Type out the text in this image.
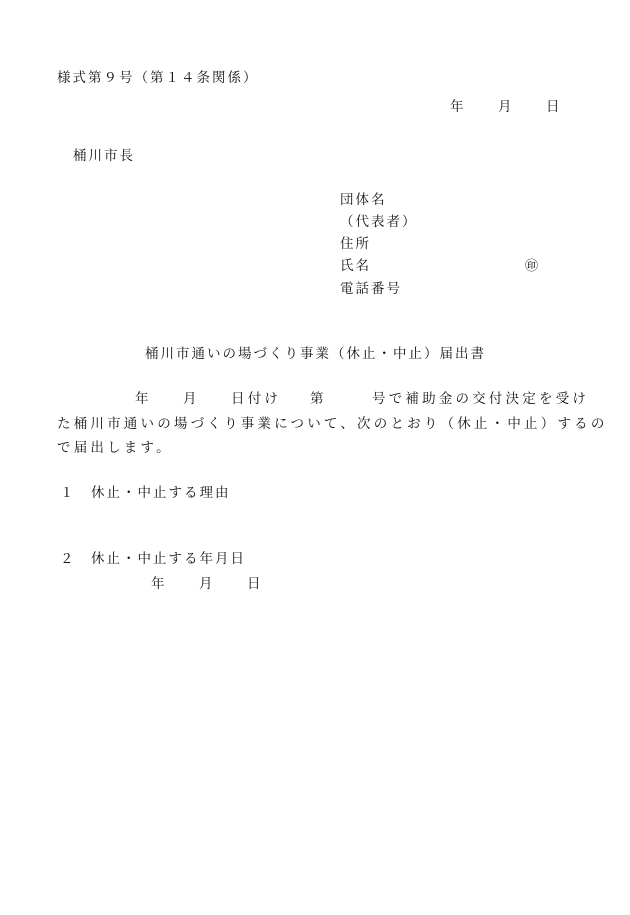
様式第９号（第１４条関係）
年 月 日
桶川市長
団体名
（代表者）
住所
氏名	㊞
電話番号
桶川市通いの場づくり事業（休止・中止）届出書
年 月 日付け 第	号で補助金の交付決定を受け
た桶川市通いの場づくり事業について、次のとおり（休止・中止）するの
で届出します。
１　休止・中止する理由
２　休止・中止する年月日
年 月 日
